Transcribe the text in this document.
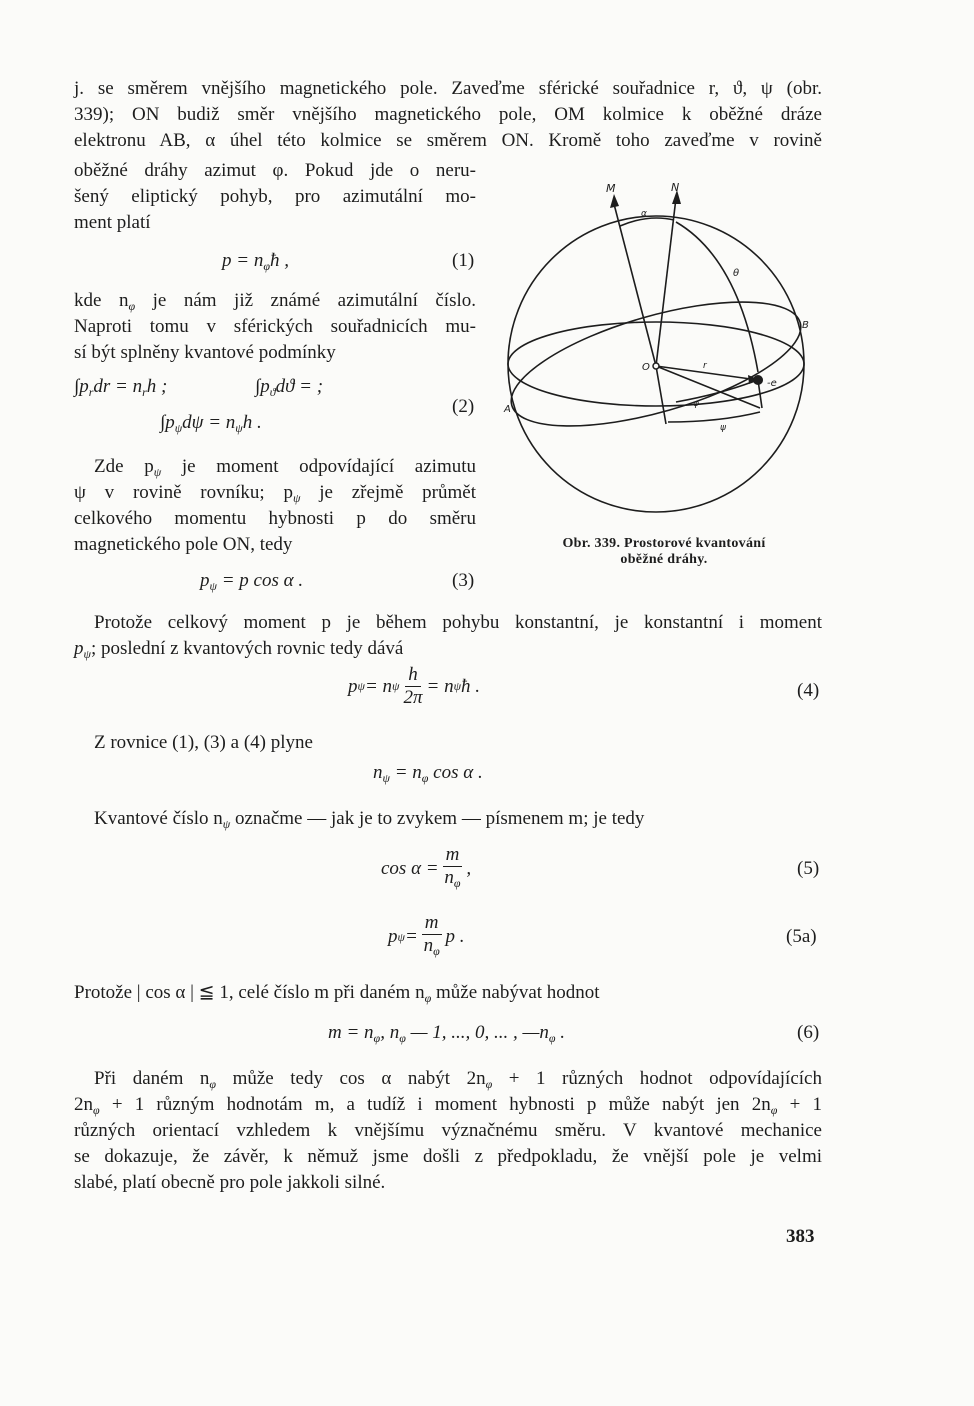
j. se směrem vnějšího magnetického pole. Zaveďme sférické souřadnice r, ϑ, ψ (obr.
339); ON budiž směr vnějšího magnetického pole, OM kolmice k oběžné dráze
elektronu AB, α úhel této kolmice se směrem ON. Kromě toho zaveďme v rovině
oběžné dráhy azimut φ. Pokud jde o neru-
šený eliptický pohyb, pro azimutální mo-
ment platí
$p = n_\varphi ħ$ ,	(1)
kde $n_\varphi$ je nám již známé azimutální číslo.
Naproti tomu v sférických souřadnicích mu-
sí být splněny kvantové podmínky
$\int p_rdr = n_rh$ ;	$\int p_ϑdϑ$ = ;
$\int p_\psi d\psi = n_\psi h$ .
(2)
Zde $p_\psi$ je moment odpovídající azimutu
ψ v rovině rovníku; $p_\psi$ je zřejmě průmět
celkového momentu hybnosti p do směru
magnetického pole ON, tedy
$p_\psi = p$ cos α .	(3)
M	N
α
θ
B
O	r
-e
φ
ψ
A
Obr. 339. Prostorové kvantování
oběžné dráhy.
Protože celkový moment p je během pohybu konstantní, je konstantní i moment
$p_\psi$; poslední z kvantových rovnic tedy dává
p ψ = n ψ $\frac{h}{2\pi} = n$ ψ ħ .	(4)
Z rovnice (1), (3) a (4) plyne
$n_\psi = n_\varphi$ cos α .
Kvantové číslo $n_\psi$ označme — jak je to zvykem — písmenem m; je tedy
$\cos \alpha = \frac{m}{n_\varphi}$ ,	(5)
p $\psi = \frac{m}{n_\varphi}$ p .	(5a)
Protože | cos α | ≦ 1, celé číslo m při daném $n_\varphi$ může nabývat hodnot
$m = n_\varphi$, $n_\varphi$ — 1, ..., 0, ... , $—n_\varphi$ .	(6)
Při daném $n_\varphi$ může tedy cos α nabýt $2n_\varphi + 1$ různých hodnot odpovídajících
$2n_\varphi + 1$ různým hodnotám m, a tudíž i moment hybnosti p může nabýt jen $2n_\varphi + 1$
různých orientací vzhledem k vnějšímu význačnému směru. V kvantové mechanice
se dokazuje, že závěr, k němuž jsme došli z předpokladu, že vnější pole je velmi
slabé, platí obecně pro pole jakkoli silné.
383
